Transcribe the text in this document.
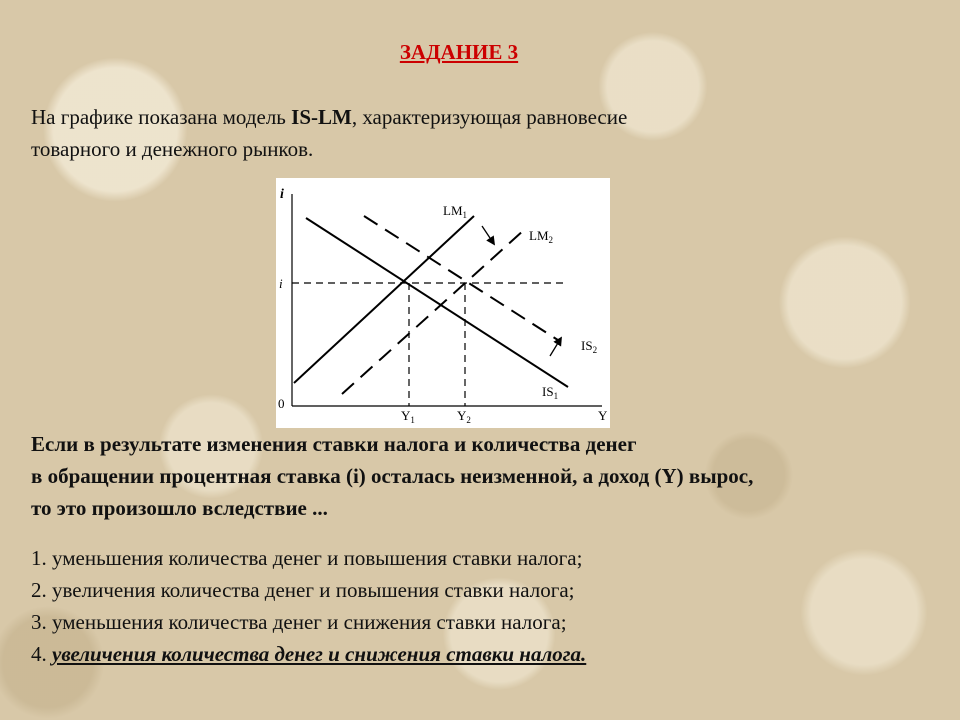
ЗАДАНИЕ 3
На графике показана модель IS-LM, характеризующая равновесие
товарного и денежного рынков.
i
Y
0
i
$LM_1$
$LM_2$
$IS_2$
$IS_1$
$Y_1$	$Y_2$
Если в результате изменения ставки налога и количества денег
в обращении процентная ставка (i) осталась неизменной, а доход (Y) вырос,
то это произошло вследствие ...
1. уменьшения количества денег и повышения ставки налога;
2. увеличения количества денег и повышения ставки налога;
3. уменьшения количества денег и снижения ставки налога;
4. увеличения количества денег и снижения ставки налога.
